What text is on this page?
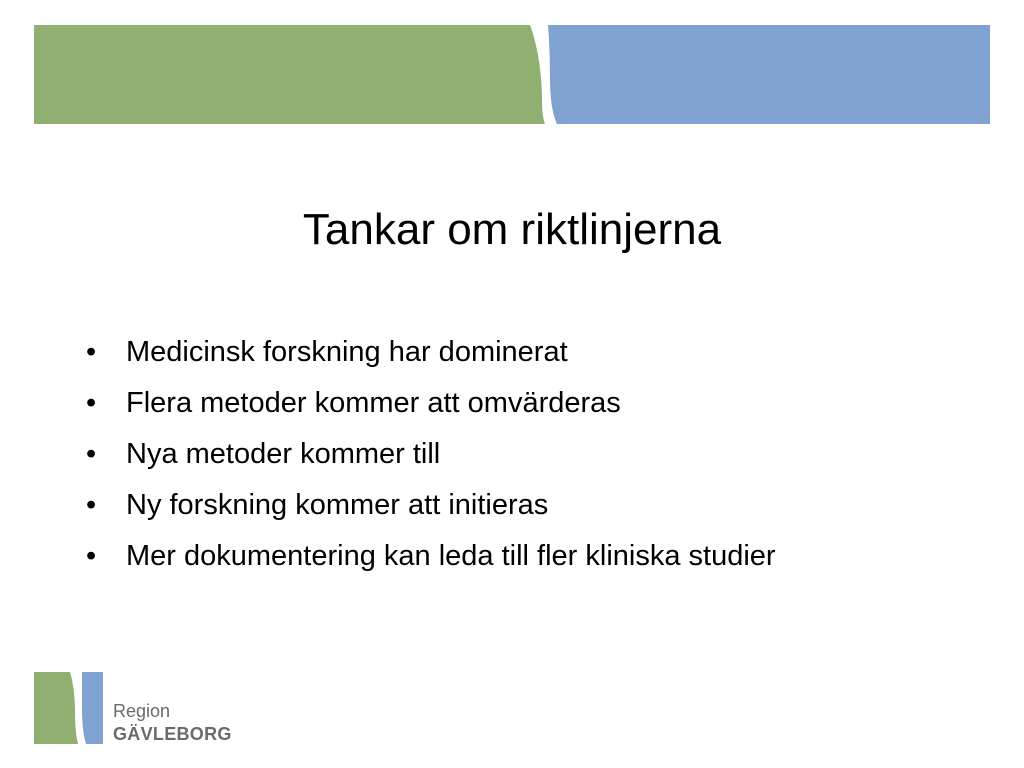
Tankar om riktlinjerna
• Medicinsk forskning har dominerat
• Flera metoder kommer att omvärderas
• Nya metoder kommer till
• Ny forskning kommer att initieras
• Mer dokumentering kan leda till fler kliniska studier
Region
GÄVLEBORG
